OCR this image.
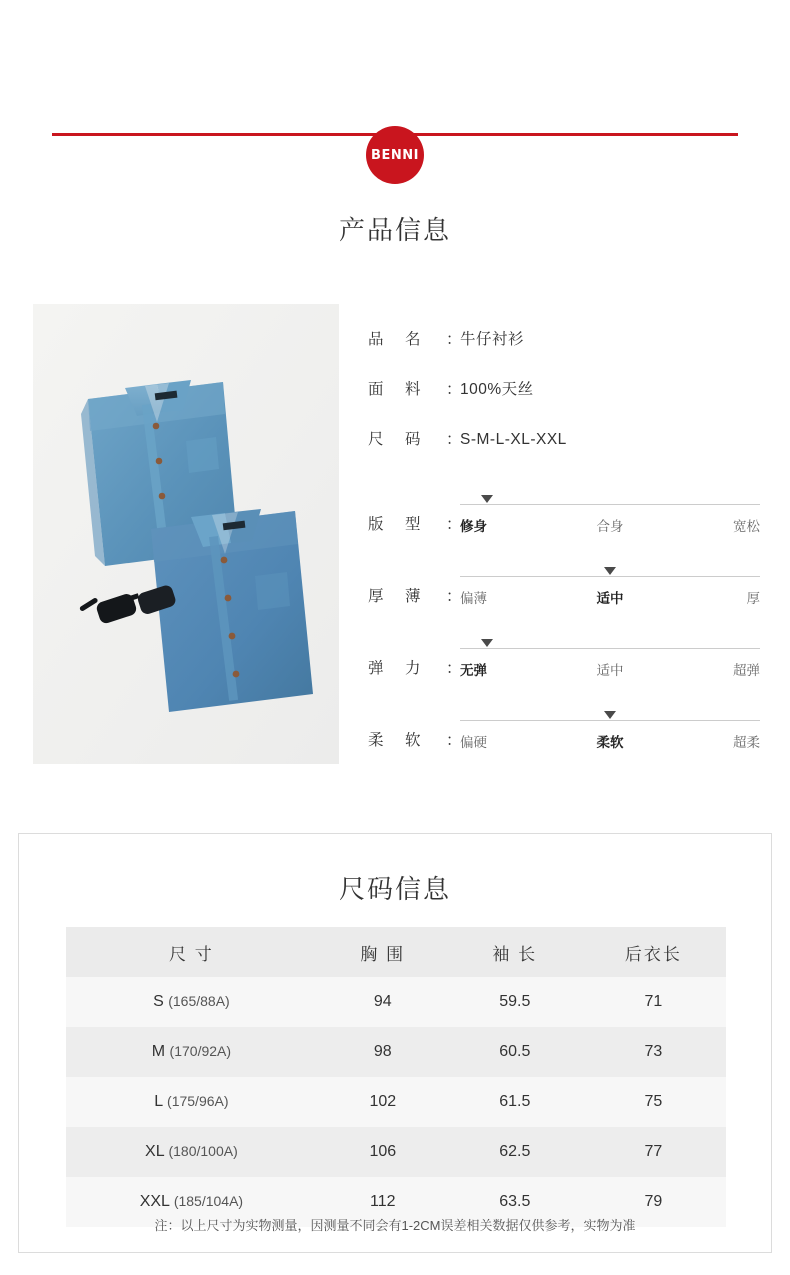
BENNI
产品信息
品　名	：
牛仔衬衫
面　料	：
100%天丝
尺　码	：
S-M-L-XL-XXL
版　型	：
修身	合身	宽松
厚　薄	：
偏薄	适中	厚
弹　力	：
无弹	适中	超弹
柔　软	：
偏硬	柔软	超柔
尺码信息
尺 寸	胸 围	袖 长	后衣长
S (165/88A)	94	59.5	71
M (170/92A)	98	60.5	73
L (175/96A)	102	61.5	75
XL (180/100A)	106	62.5	77
XXL (185/104A)	112	63.5	79
注：以上尺寸为实物测量，因测量不同会有1-2CM误差相关数据仅供参考，实物为准
